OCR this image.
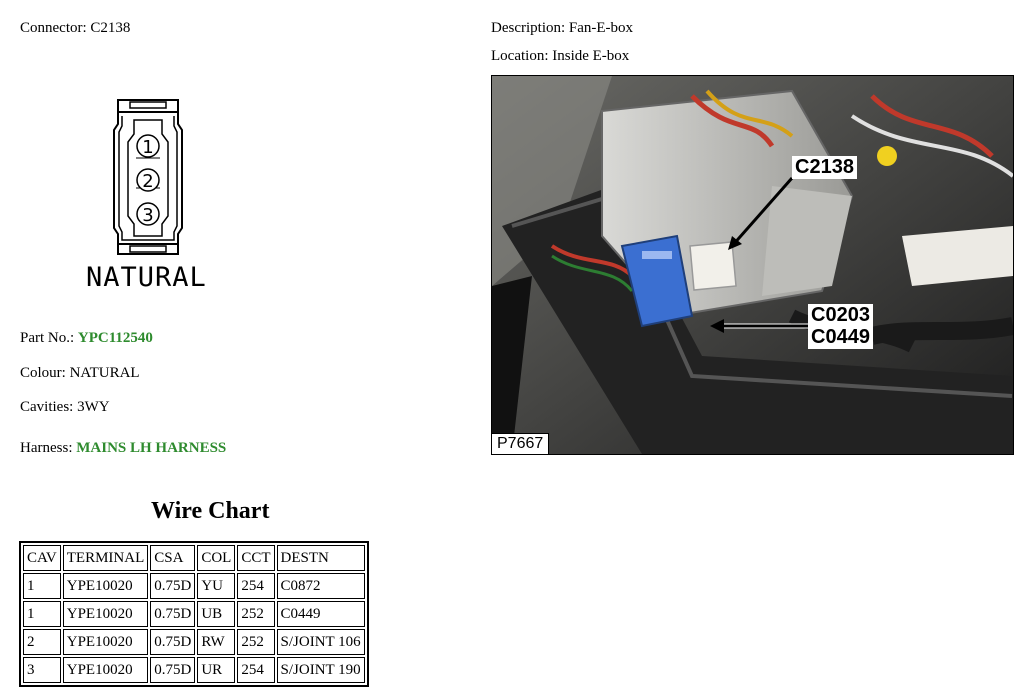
Connector: C2138	Description: Fan-E-box
Location: Inside E-box
1
2
3
NATURAL
Part No.: YPC112540
Colour: NATURAL
Cavities: 3WY
Harness: MAINS LH HARNESS
Wire Chart
CAV	TERMINAL	CSA	COL	CCT	DESTN
1	YPE10020	0.75D	YU	254	C0872
1	YPE10020	0.75D	UB	252	C0449
2	YPE10020	0.75D	RW	252	S/JOINT 106
3	YPE10020	0.75D	UR	254	S/JOINT 190
C2138
C0203
C0449
P7667
